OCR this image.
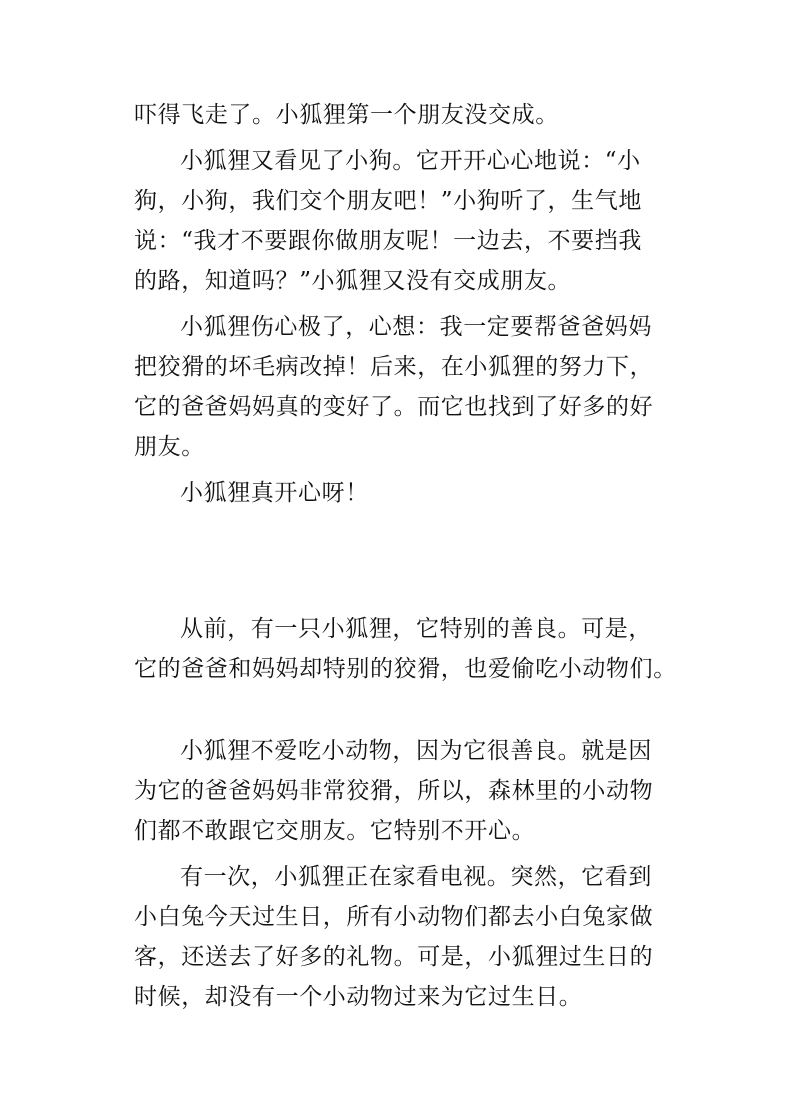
吓得飞走了。小狐狸第一个朋友没交成。

小狐狸又看见了小狗。它开开心心地说：“小

狗，小狗，我们交个朋友吧！”小狗听了，生气地

说：“我才不要跟你做朋友呢！一边去，不要挡我

的路，知道吗？”小狐狸又没有交成朋友。

小狐狸伤心极了，心想：我一定要帮爸爸妈妈

把狡猾的坏毛病改掉！后来，在小狐狸的努力下，

它的爸爸妈妈真的变好了。而它也找到了好多的好

朋友。

小狐狸真开心呀！

从前，有一只小狐狸，它特别的善良。可是，

它的爸爸和妈妈却特别的狡猾，也爱偷吃小动物们。

小狐狸不爱吃小动物，因为它很善良。就是因

为它的爸爸妈妈非常狡猾，所以，森林里的小动物

们都不敢跟它交朋友。它特别不开心。

有一次，小狐狸正在家看电视。突然，它看到

小白兔今天过生日，所有小动物们都去小白兔家做

客，还送去了好多的礼物。可是，小狐狸过生日的

时候，却没有一个小动物过来为它过生日。
